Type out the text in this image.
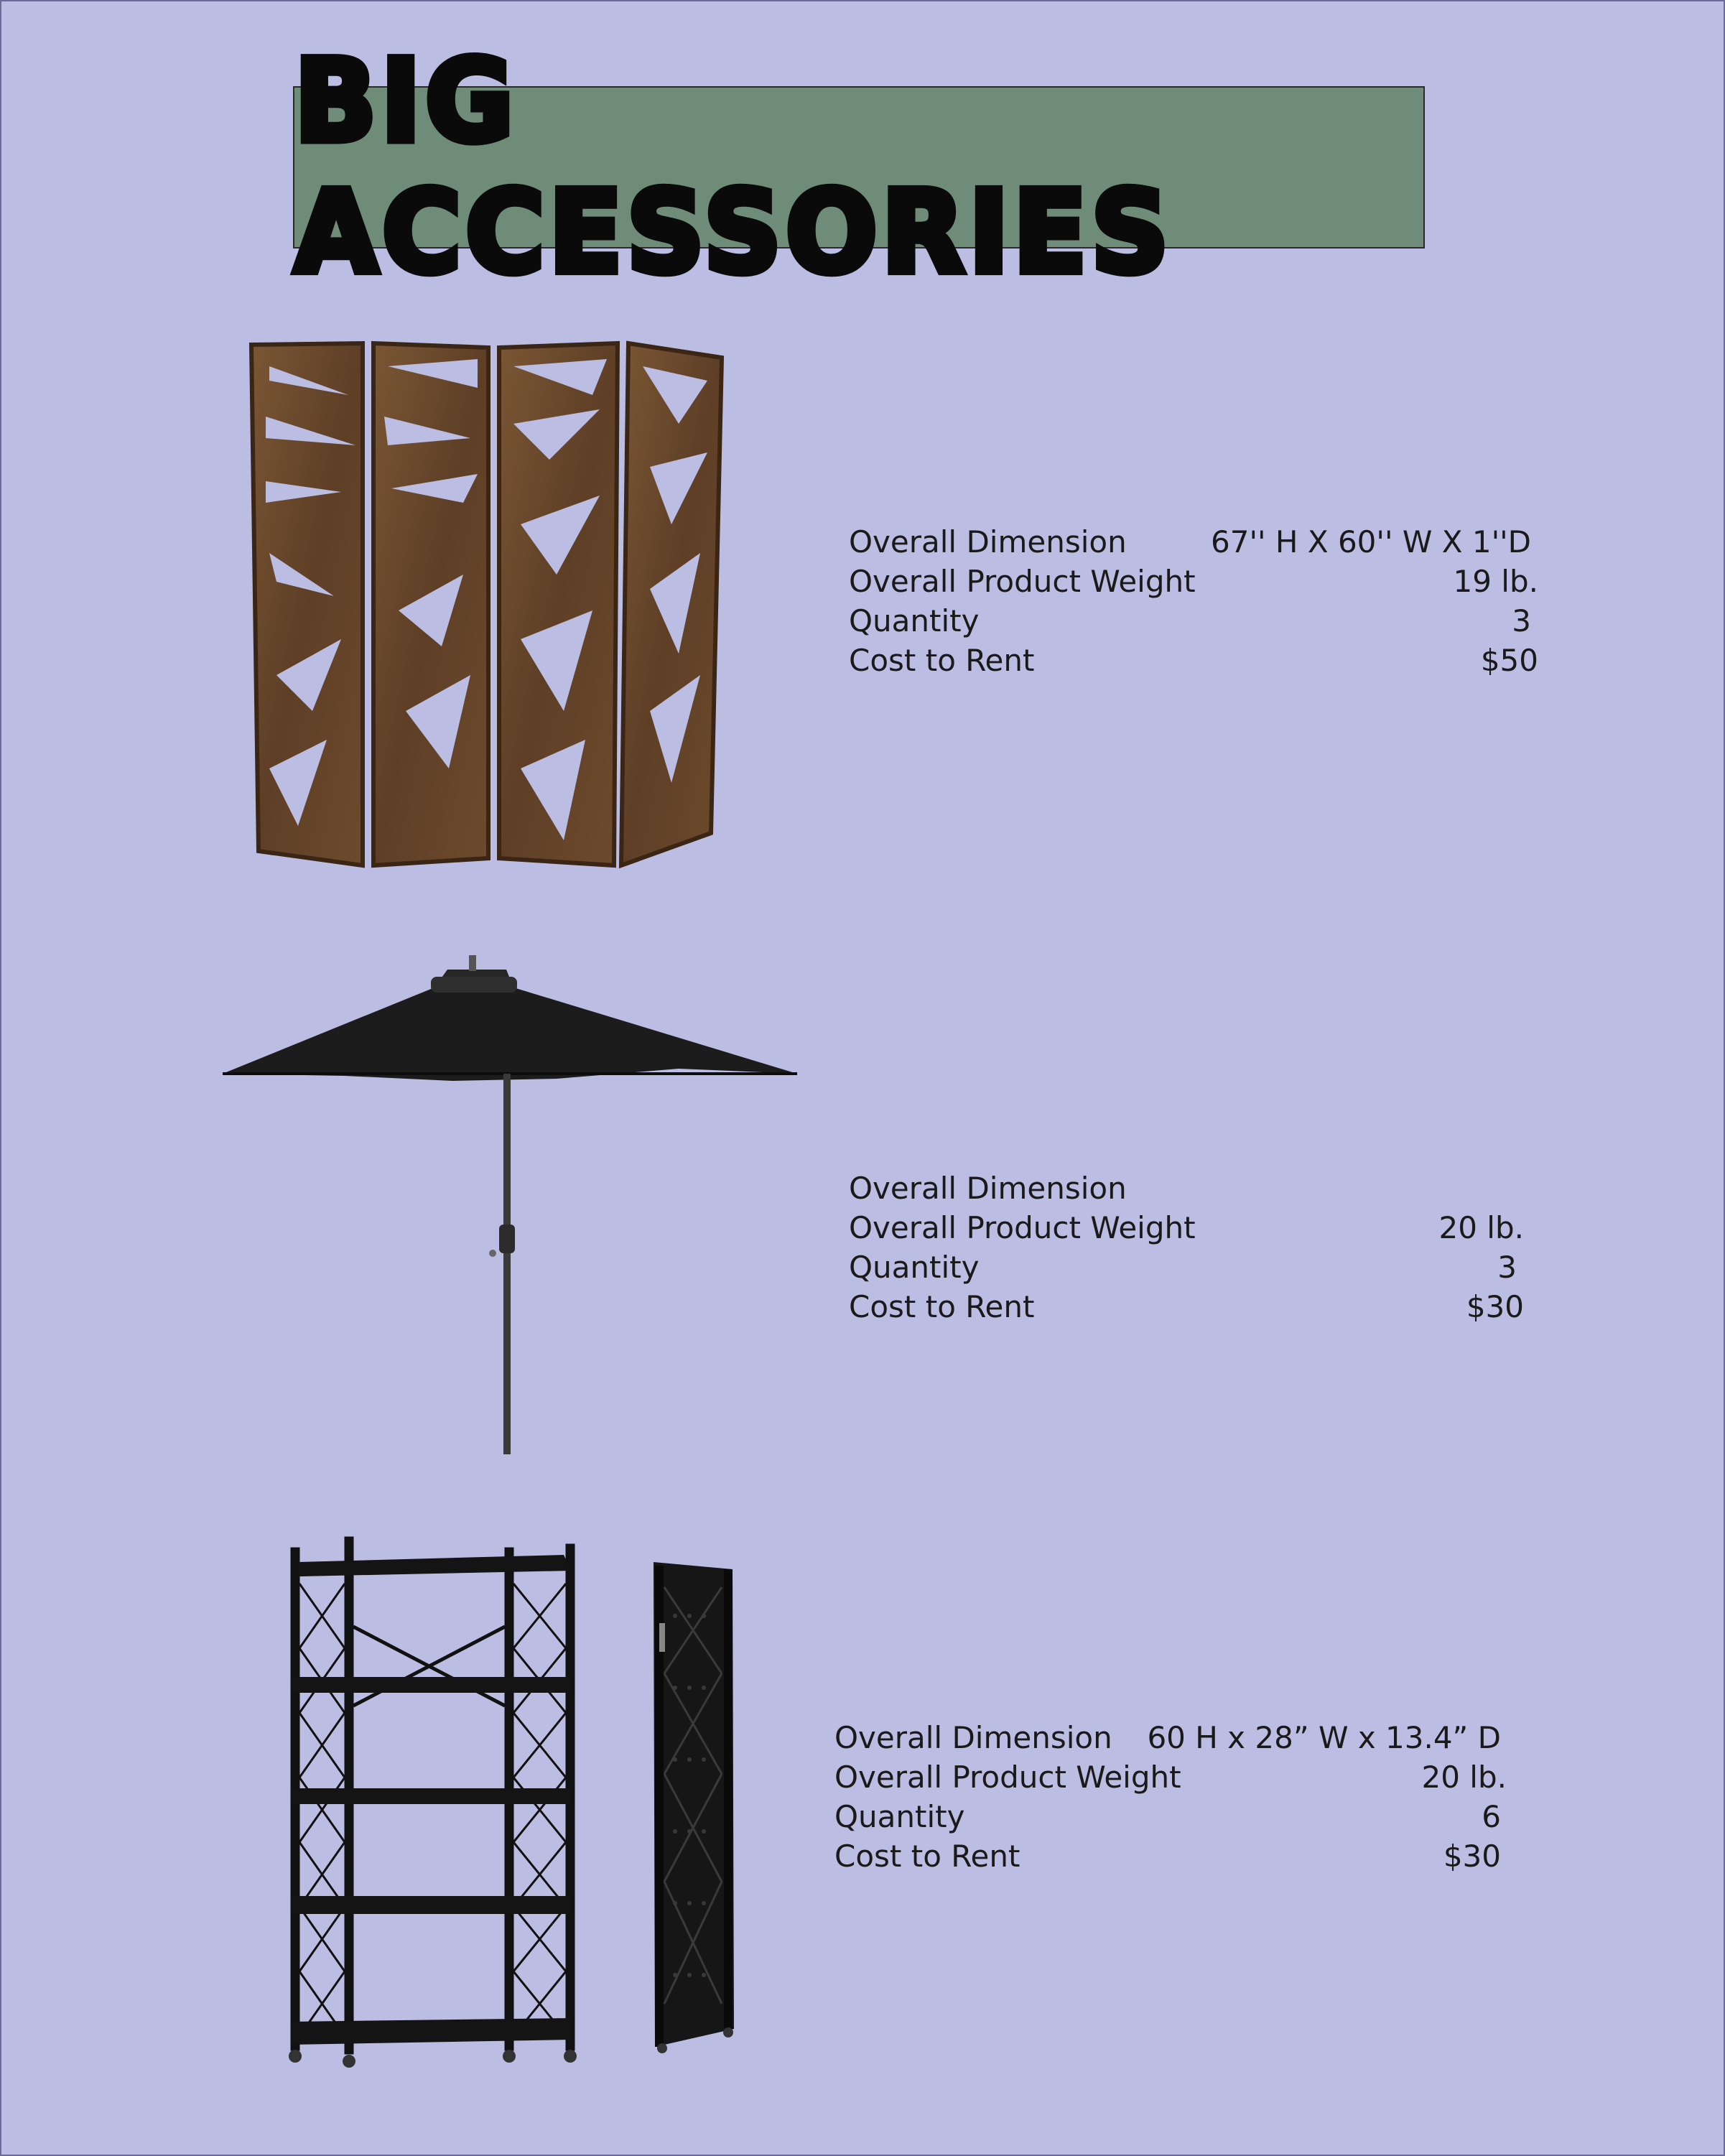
BIG ACCESSORIES
Overall Dimension	67'' H X 60'' W X 1''D
Overall Product Weight	19 lb.
Quantity	3
Cost to Rent	$50
Overall Dimension
Overall Product Weight	20 lb.
Quantity	3
Cost to Rent	$30
Overall Dimension 60 H x 28” W x 13.4” D
Overall Product Weight	20 lb.
Quantity	6
Cost to Rent	$30
